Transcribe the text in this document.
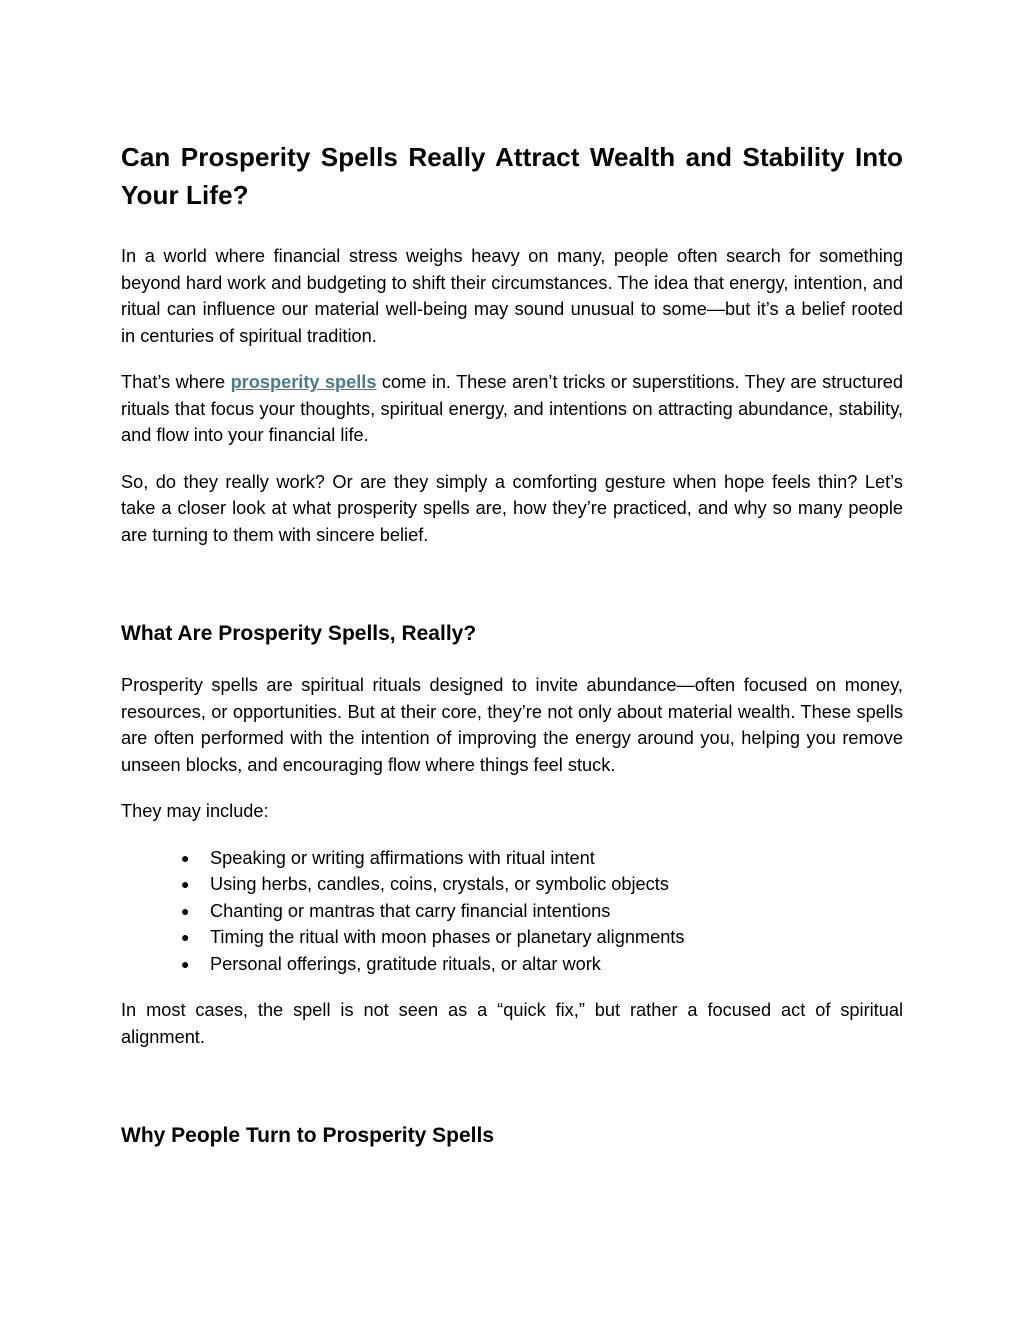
Can Prosperity Spells Really Attract Wealth and Stability Into Your Life?

In a world where financial stress weighs heavy on many, people often search for something beyond hard work and budgeting to shift their circumstances. The idea that energy, intention, and ritual can influence our material well-being may sound unusual to some—but it’s a belief rooted in centuries of spiritual tradition.

That’s where prosperity spells come in. These aren’t tricks or superstitions. They are structured rituals that focus your thoughts, spiritual energy, and intentions on attracting abundance, stability, and flow into your financial life.

So, do they really work? Or are they simply a comforting gesture when hope feels thin? Let’s take a closer look at what prosperity spells are, how they’re practiced, and why so many people are turning to them with sincere belief.

What Are Prosperity Spells, Really?

Prosperity spells are spiritual rituals designed to invite abundance—often focused on money, resources, or opportunities. But at their core, they’re not only about material wealth. These spells are often performed with the intention of improving the energy around you, helping you remove unseen blocks, and encouraging flow where things feel stuck.

They may include:

● Speaking or writing affirmations with ritual intent
● Using herbs, candles, coins, crystals, or symbolic objects
● Chanting or mantras that carry financial intentions
● Timing the ritual with moon phases or planetary alignments
● Personal offerings, gratitude rituals, or altar work

In most cases, the spell is not seen as a “quick fix,” but rather a focused act of spiritual alignment.

Why People Turn to Prosperity Spells
